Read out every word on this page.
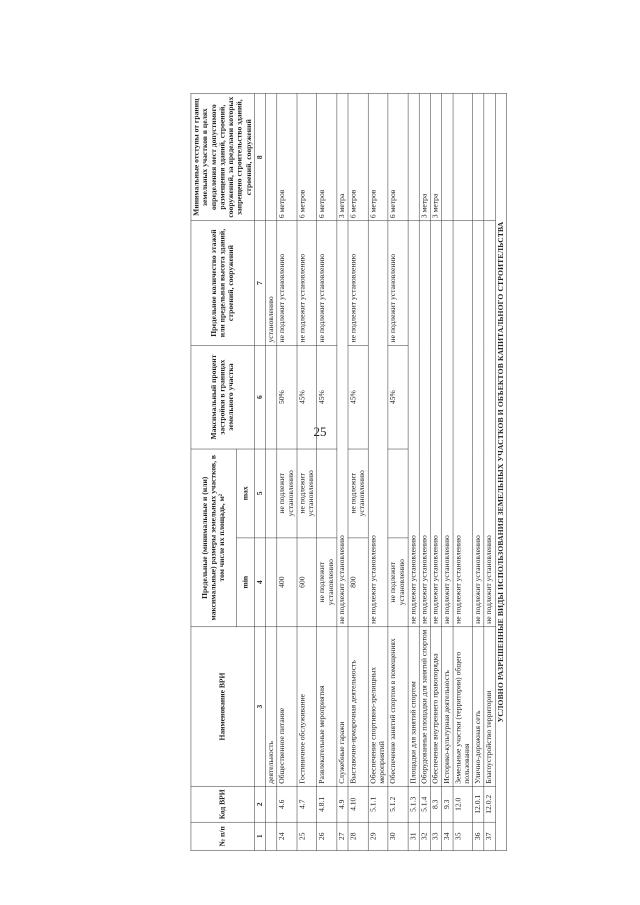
25
№ п/п	Код ВРИ	Наименование ВРИ	Предельные (минимальные и (или) максимальные) размеры земельных участков, в том числе их площадь, м²		Максимальный процент застройки в границах земельного участка	Предельное количество этажей или предельная высота зданий, строений, сооружений	Минимальные отступы от границ земельных участков в целях определения мест допустимого размещения зданий, строений, сооружений, за пределами которых запрещено строительство зданий, строений, сооружений
			min	max			
1	2	3	4	5	6	7	8
		деятельность				установлению	
24	4.6	Общественное питание	400	не подлежит установлению	50%	не подлежит установлению	6 метров
25	4.7	Гостиничное обслуживание	600	не подлежит установлению	45%	не подлежит установлению	6 метров
26	4.8.1	Развлекательные мероприятия	не подлежит установлению		45%	не подлежит установлению	6 метров
27	4.9	Служебные гаражи	не подлежит установлению				3 метра
28	4.10	Выставочно-ярмарочная деятельность	800	не подлежит установлению	45%	не подлежит установлению	6 метров
29	5.1.1	Обеспечение спортивно-зрелищных мероприятий	не подлежит установлению				6 метров
30	5.1.2	Обеспечение занятий спортом в помещениях	не подлежит установлению		45%	не подлежит установлению	6 метров
31	5.1.3	Площадки для занятий спортом	не подлежит установлению				
32	5.1.4	Оборудованные площадки для занятий спортом	не подлежит установлению				3 метра
33	8.3	Обеспечение внутреннего правопорядка	не подлежит установлению				3 метра
34	9.3	Историко-культурная деятельность	не подлежит установлению				
35	12.0	Земельные участки (территории) общего пользования	не подлежит установлению				
36	12.0.1	Улично-дорожная сеть	не подлежит установлению				
37	12.0.2	Благоустройство территории	не подлежит установлению				
УСЛОВНО РАЗРЕШЕННЫЕ ВИДЫ ИСПОЛЬЗОВАНИЯ ЗЕМЕЛЬНЫХ УЧАСТКОВ И ОБЪЕКТОВ КАПИТАЛЬНОГО СТРОИТЕЛЬСТВА							
